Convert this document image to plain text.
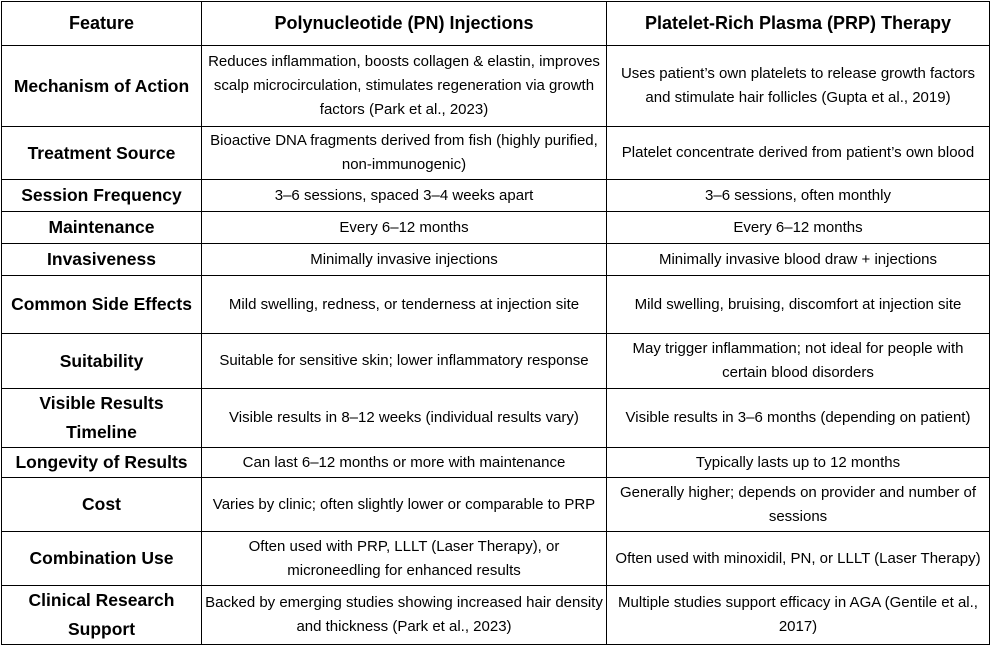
Feature	Polynucleotide (PN) Injections	Platelet-Rich Plasma (PRP) Therapy
Mechanism of Action	Reduces inflammation, boosts collagen & elastin, improves scalp microcirculation, stimulates regeneration via growth factors (Park et al., 2023)	Uses patient’s own platelets to release growth factors and stimulate hair follicles (Gupta et al., 2019)
Treatment Source	Bioactive DNA fragments derived from fish (highly purified, non-immunogenic)	Platelet concentrate derived from patient’s own blood
Session Frequency	3–6 sessions, spaced 3–4 weeks apart	3–6 sessions, often monthly
Maintenance	Every 6–12 months	Every 6–12 months
Invasiveness	Minimally invasive injections	Minimally invasive blood draw + injections
Common Side Effects	Mild swelling, redness, or tenderness at injection site	Mild swelling, bruising, discomfort at injection site
Suitability	Suitable for sensitive skin; lower inflammatory response	May trigger inflammation; not ideal for people with certain blood disorders
Visible Results Timeline	Visible results in 8–12 weeks (individual results vary)	Visible results in 3–6 months (depending on patient)
Longevity of Results	Can last 6–12 months or more with maintenance	Typically lasts up to 12 months
Cost	Varies by clinic; often slightly lower or comparable to PRP	Generally higher; depends on provider and number of sessions
Combination Use	Often used with PRP, LLLT (Laser Therapy), or microneedling for enhanced results	Often used with minoxidil, PN, or LLLT (Laser Therapy)
Clinical Research Support	Backed by emerging studies showing increased hair density and thickness (Park et al., 2023)	Multiple studies support efficacy in AGA (Gentile et al., 2017)
